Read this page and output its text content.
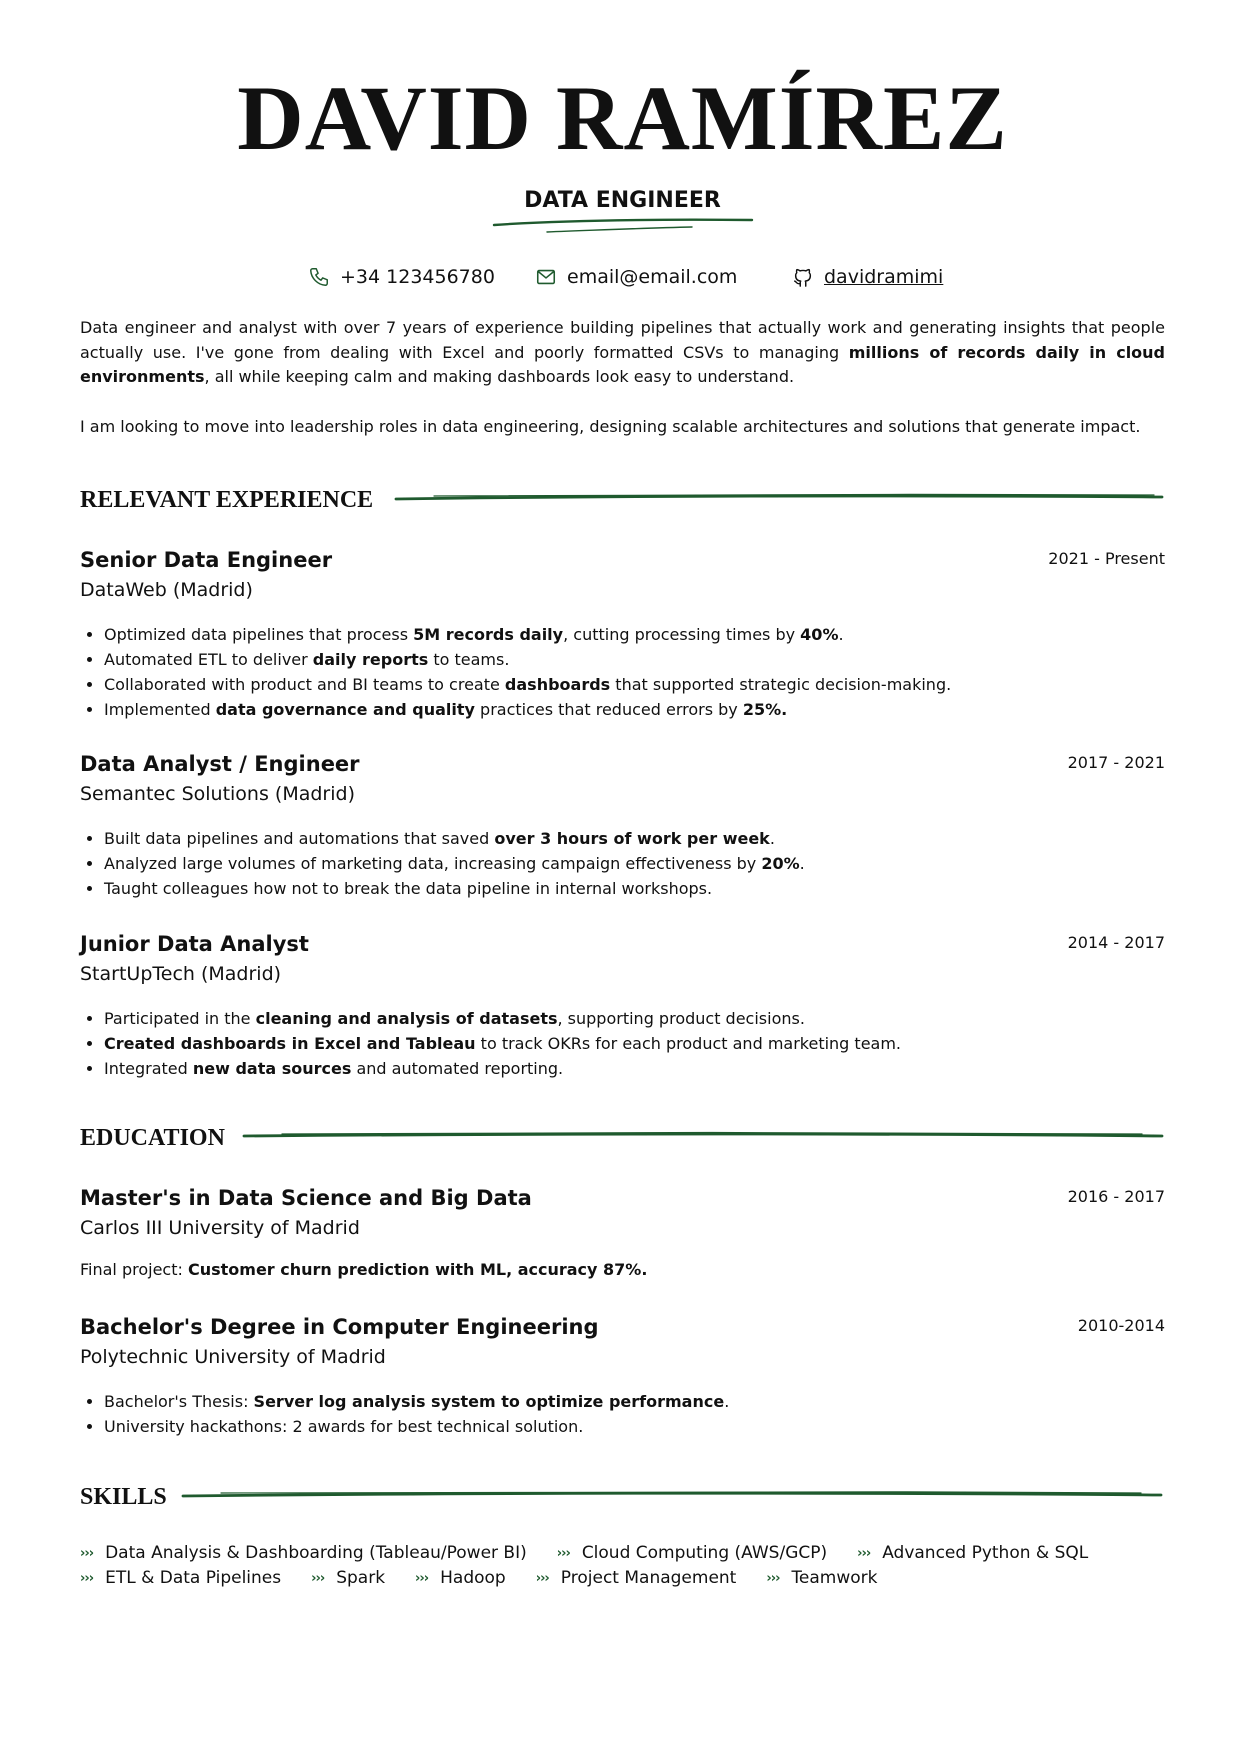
DAVID RAMÍREZ
DATA ENGINEER
+34 123456780	email@email.com	davidramimi

Data engineer and analyst with over 7 years of experience building pipelines that actually work and generating insights that people actually use. I've gone from dealing with Excel and poorly formatted CSVs to managing millions of records daily in cloud environments, all while keeping calm and making dashboards look easy to understand.

I am looking to move into leadership roles in data engineering, designing scalable architectures and solutions that generate impact.

RELEVANT EXPERIENCE
Senior Data Engineer	2021 - Present
DataWeb (Madrid)
• Optimized data pipelines that process 5M records daily, cutting processing times by 40%.
• Automated ETL to deliver daily reports to teams.
• Collaborated with product and BI teams to create dashboards that supported strategic decision-making.
• Implemented data governance and quality practices that reduced errors by 25%.
Data Analyst / Engineer	2017 - 2021
Semantec Solutions (Madrid)
• Built data pipelines and automations that saved over 3 hours of work per week.
• Analyzed large volumes of marketing data, increasing campaign effectiveness by 20%.
• Taught colleagues how not to break the data pipeline in internal workshops.
Junior Data Analyst	2014 - 2017
StartUpTech (Madrid)
• Participated in the cleaning and analysis of datasets, supporting product decisions.
• Created dashboards in Excel and Tableau to track OKRs for each product and marketing team.
• Integrated new data sources and automated reporting.
EDUCATION
Master's in Data Science and Big Data	2016 - 2017
Carlos III University of Madrid
Final project: Customer churn prediction with ML, accuracy 87%.
Bachelor's Degree in Computer Engineering	2010-2014
Polytechnic University of Madrid
• Bachelor's Thesis: Server log analysis system to optimize performance.
• University hackathons: 2 awards for best technical solution.
SKILLS
››› Data Analysis & Dashboarding (Tableau/Power BI) ››› Cloud Computing (AWS/GCP) ››› Advanced Python & SQL
››› ETL & Data Pipelines ››› Spark ››› Hadoop ››› Project Management ››› Teamwork
